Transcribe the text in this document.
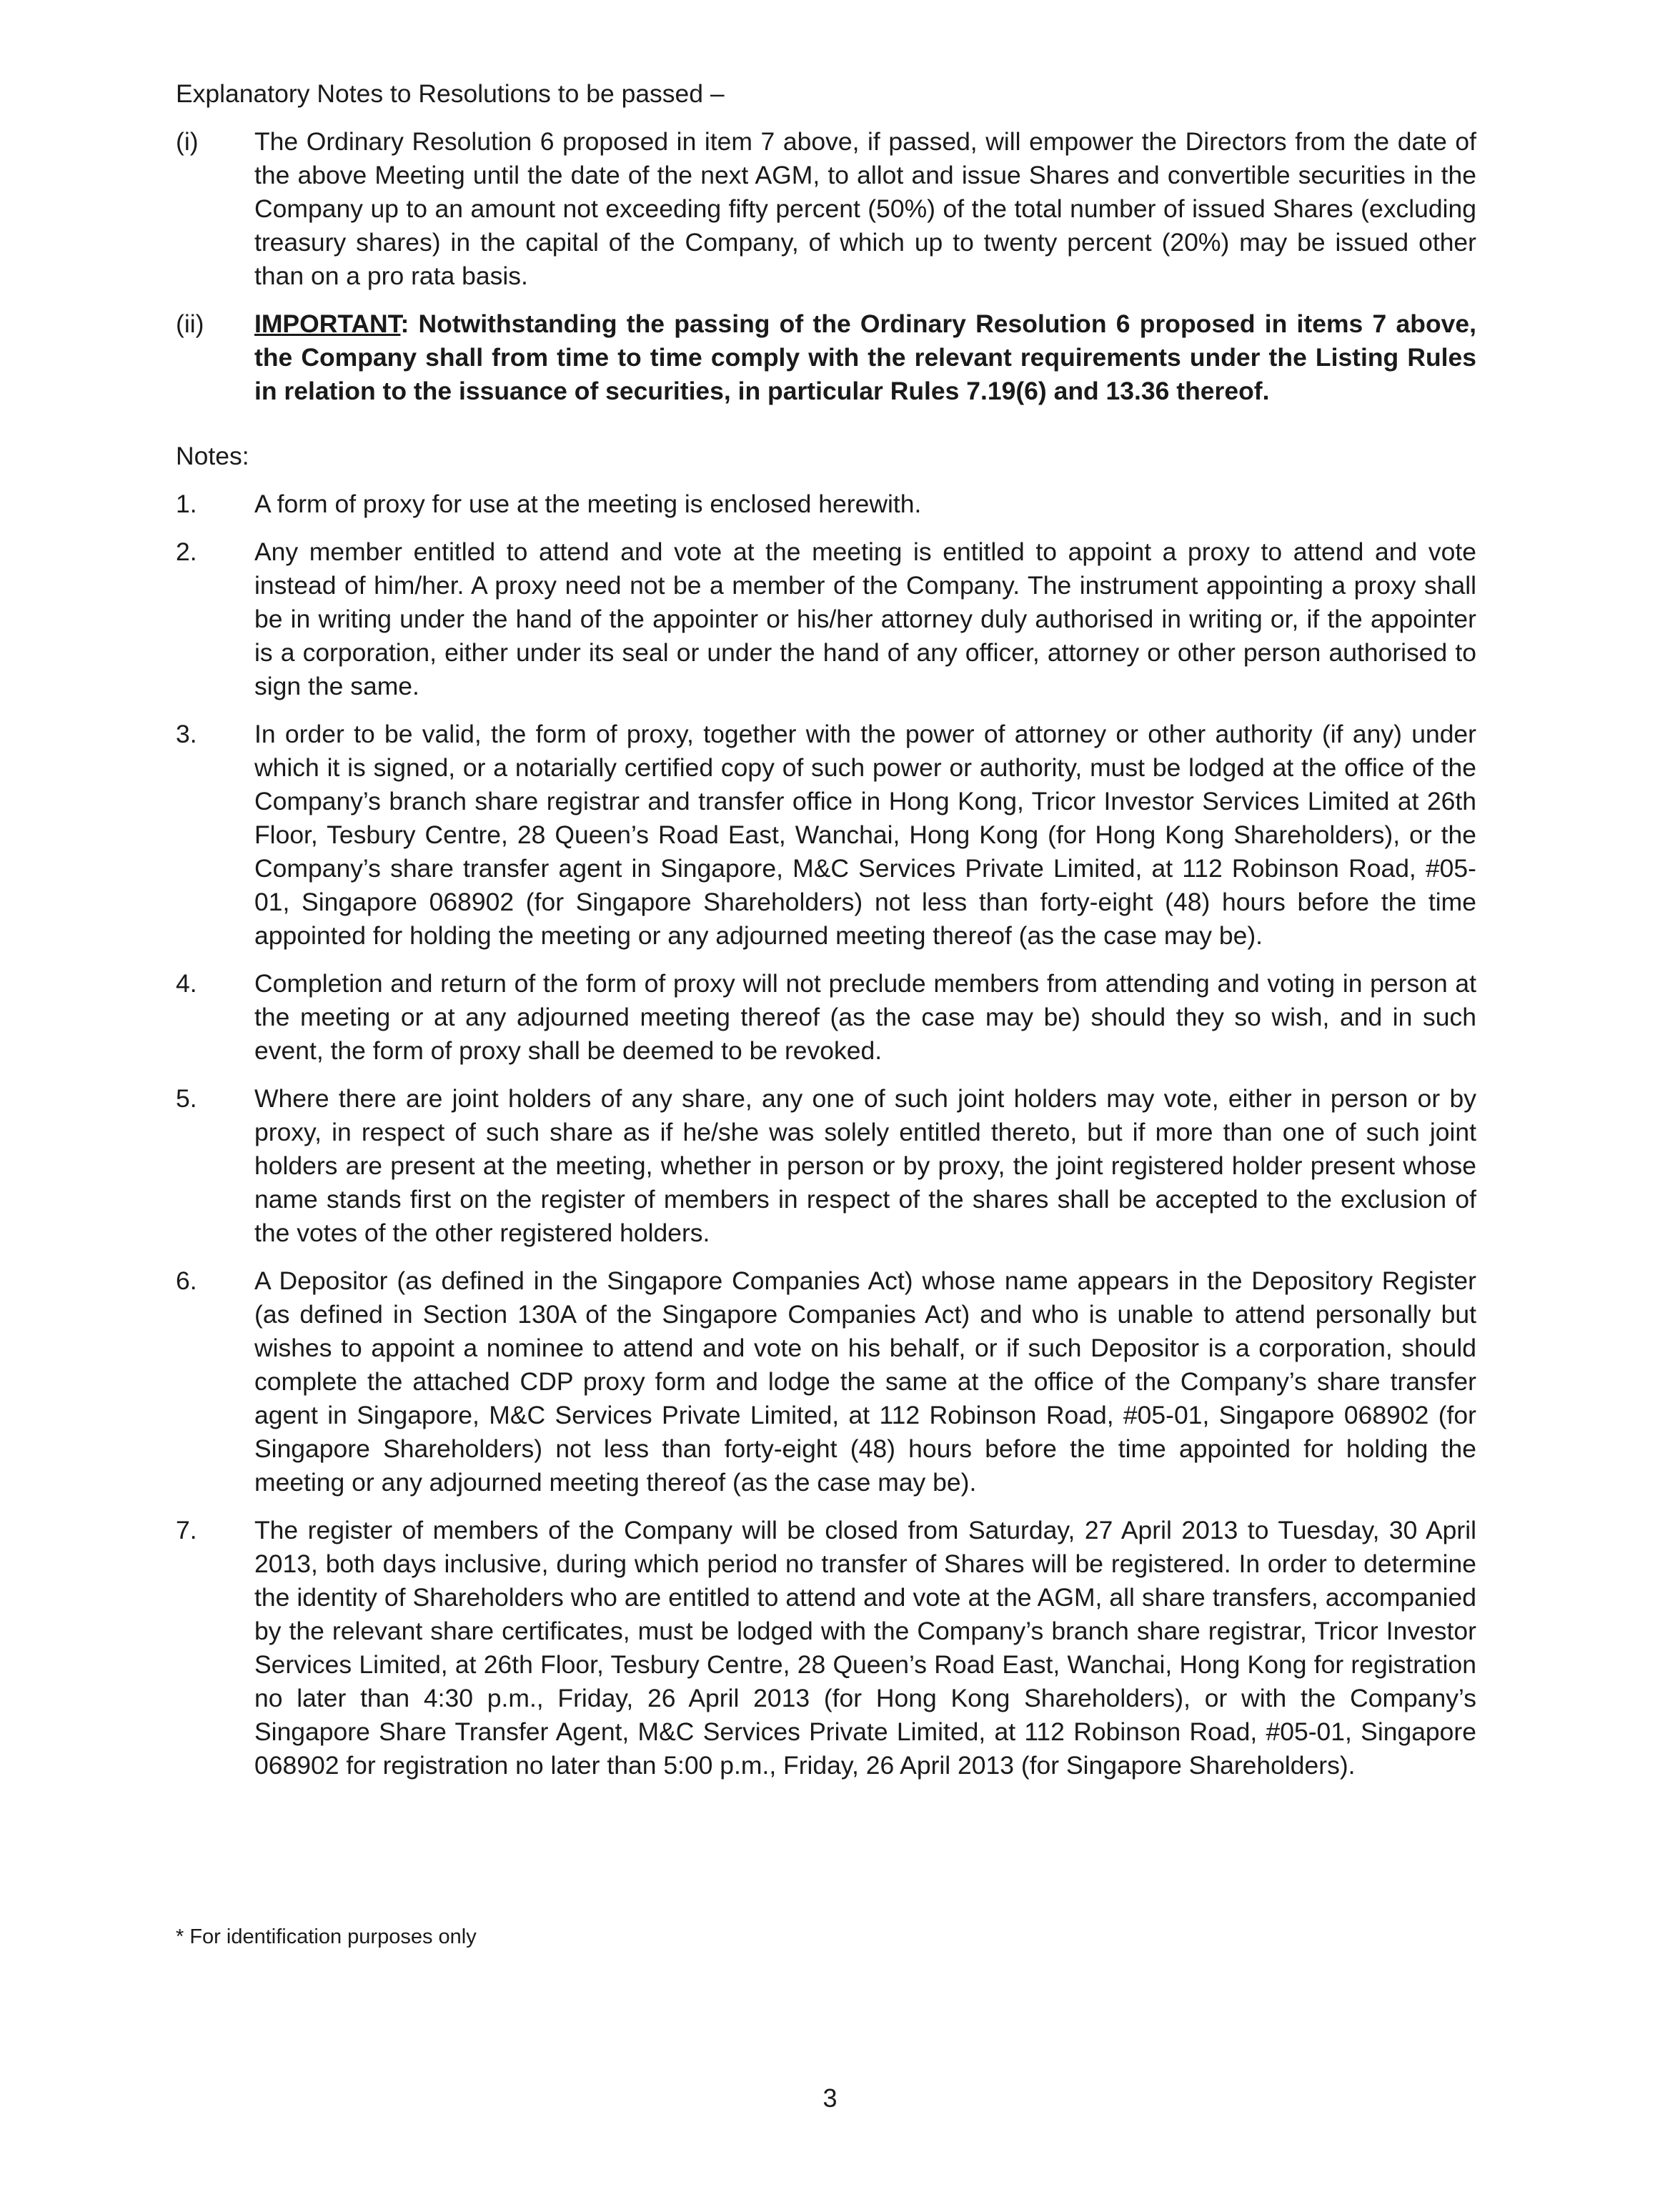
Explanatory Notes to Resolutions to be passed –
(i)	The Ordinary Resolution 6 proposed in item 7 above, if passed, will empower the Directors from the date of the above Meeting until the date of the next AGM, to allot and issue Shares and convertible securities in the Company up to an amount not exceeding fifty percent (50%) of the total number of issued Shares (excluding treasury shares) in the capital of the Company, of which up to twenty percent (20%) may be issued other than on a pro rata basis.
(ii)	IMPORTANT: Notwithstanding the passing of the Ordinary Resolution 6 proposed in items 7 above, the Company shall from time to time comply with the relevant requirements under the Listing Rules in relation to the issuance of securities, in particular Rules 7.19(6) and 13.36 thereof.
Notes:
1.	A form of proxy for use at the meeting is enclosed herewith.
2.	Any member entitled to attend and vote at the meeting is entitled to appoint a proxy to attend and vote instead of him/her. A proxy need not be a member of the Company. The instrument appointing a proxy shall be in writing under the hand of the appointer or his/her attorney duly authorised in writing or, if the appointer is a corporation, either under its seal or under the hand of any officer, attorney or other person authorised to sign the same.
3.	In order to be valid, the form of proxy, together with the power of attorney or other authority (if any) under which it is signed, or a notarially certified copy of such power or authority, must be lodged at the office of the Company’s branch share registrar and transfer office in Hong Kong, Tricor Investor Services Limited at 26th Floor, Tesbury Centre, 28 Queen’s Road East, Wanchai, Hong Kong (for Hong Kong Shareholders), or the Company’s share transfer agent in Singapore, M&C Services Private Limited, at 112 Robinson Road, #05-01, Singapore 068902 (for Singapore Shareholders) not less than forty-eight (48) hours before the time appointed for holding the meeting or any adjourned meeting thereof (as the case may be).
4.	Completion and return of the form of proxy will not preclude members from attending and voting in person at the meeting or at any adjourned meeting thereof (as the case may be) should they so wish, and in such event, the form of proxy shall be deemed to be revoked.
5.	Where there are joint holders of any share, any one of such joint holders may vote, either in person or by proxy, in respect of such share as if he/she was solely entitled thereto, but if more than one of such joint holders are present at the meeting, whether in person or by proxy, the joint registered holder present whose name stands first on the register of members in respect of the shares shall be accepted to the exclusion of the votes of the other registered holders.
6.	A Depositor (as defined in the Singapore Companies Act) whose name appears in the Depository Register (as defined in Section 130A of the Singapore Companies Act) and who is unable to attend personally but wishes to appoint a nominee to attend and vote on his behalf, or if such Depositor is a corporation, should complete the attached CDP proxy form and lodge the same at the office of the Company’s share transfer agent in Singapore, M&C Services Private Limited, at 112 Robinson Road, #05-01, Singapore 068902 (for Singapore Shareholders) not less than forty-eight (48) hours before the time appointed for holding the meeting or any adjourned meeting thereof (as the case may be).
7.	The register of members of the Company will be closed from Saturday, 27 April 2013 to Tuesday, 30 April 2013, both days inclusive, during which period no transfer of Shares will be registered. In order to determine the identity of Shareholders who are entitled to attend and vote at the AGM, all share transfers, accompanied by the relevant share certificates, must be lodged with the Company’s branch share registrar, Tricor Investor Services Limited, at 26th Floor, Tesbury Centre, 28 Queen’s Road East, Wanchai, Hong Kong for registration no later than 4:30 p.m., Friday, 26 April 2013 (for Hong Kong Shareholders), or with the Company’s Singapore Share Transfer Agent, M&C Services Private Limited, at 112 Robinson Road, #05-01, Singapore 068902 for registration no later than 5:00 p.m., Friday, 26 April 2013 (for Singapore Shareholders).
* For identification purposes only
3
